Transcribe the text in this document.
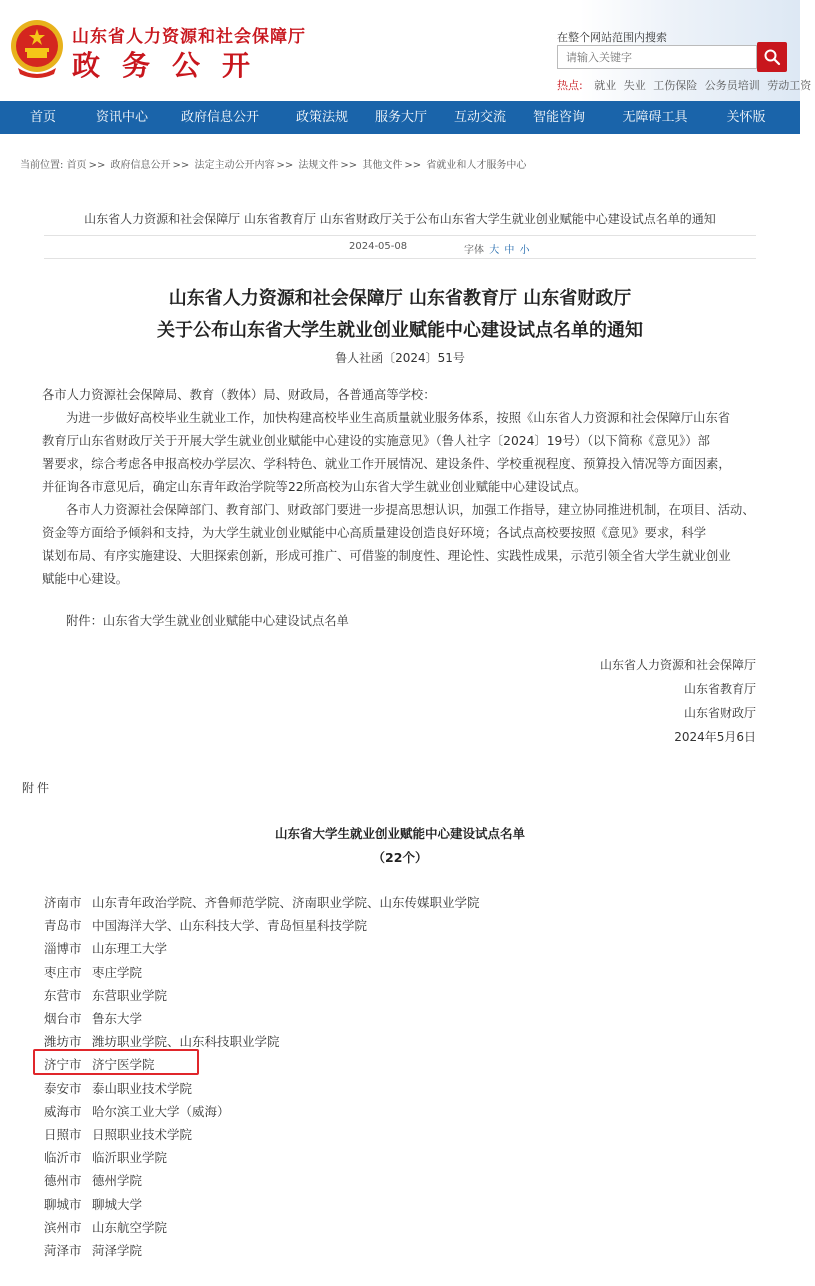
山东省人力资源和社会保障厅
政务公开
在整个网站范围内搜索
请输入关键字
热点: 就业 失业 工伤保险 公务员培训 劳动工资
首页	资讯中心	政府信息公开	政策法规	服务大厅	互动交流	智能咨询	无障碍工具	关怀版
当前位置: 首页 >> 政府信息公开 >> 法定主动公开内容 >> 法规文件 >> 其他文件 >> 省就业和人才服务中心
山东省人力资源和社会保障厅 山东省教育厅 山东省财政厅关于公布山东省大学生就业创业赋能中心建设试点名单的通知
2024-05-08	字体 大 中 小
山东省人力资源和社会保障厅 山东省教育厅 山东省财政厅
关于公布山东省大学生就业创业赋能中心建设试点名单的通知
鲁人社函〔2024〕51号
各市人力资源社会保障局、教育（教体）局、财政局，各普通高等学校：
为进一步做好高校毕业生就业工作，加快构建高校毕业生高质量就业服务体系，按照《山东省人力资源和社会保障厅山东省
教育厅山东省财政厅关于开展大学生就业创业赋能中心建设的实施意见》（鲁人社字〔2024〕19号）（以下简称《意见》）部
署要求，综合考虑各申报高校办学层次、学科特色、就业工作开展情况、建设条件、学校重视程度、预算投入情况等方面因素，
并征询各市意见后，确定山东青年政治学院等22所高校为山东省大学生就业创业赋能中心建设试点。
各市人力资源社会保障部门、教育部门、财政部门要进一步提高思想认识，加强工作指导，建立协同推进机制，在项目、活动、
资金等方面给予倾斜和支持，为大学生就业创业赋能中心高质量建设创造良好环境；各试点高校要按照《意见》要求，科学
谋划布局、有序实施建设、大胆探索创新，形成可推广、可借鉴的制度性、理论性、实践性成果，示范引领全省大学生就业创业
赋能中心建设。
附件：山东省大学生就业创业赋能中心建设试点名单
山东省人力资源和社会保障厅
山东省教育厅
山东省财政厅
2024年5月6日
附件
山东省大学生就业创业赋能中心建设试点名单
（22个）
济南市 山东青年政治学院、齐鲁师范学院、济南职业学院、山东传媒职业学院
青岛市 中国海洋大学、山东科技大学、青岛恒星科技学院
淄博市 山东理工大学
枣庄市 枣庄学院
东营市 东营职业学院
烟台市 鲁东大学
潍坊市 潍坊职业学院、山东科技职业学院
济宁市 济宁医学院
泰安市 泰山职业技术学院
威海市 哈尔滨工业大学（威海）
日照市 日照职业技术学院
临沂市 临沂职业学院
德州市 德州学院
聊城市 聊城大学
滨州市 山东航空学院
菏泽市 菏泽学院
